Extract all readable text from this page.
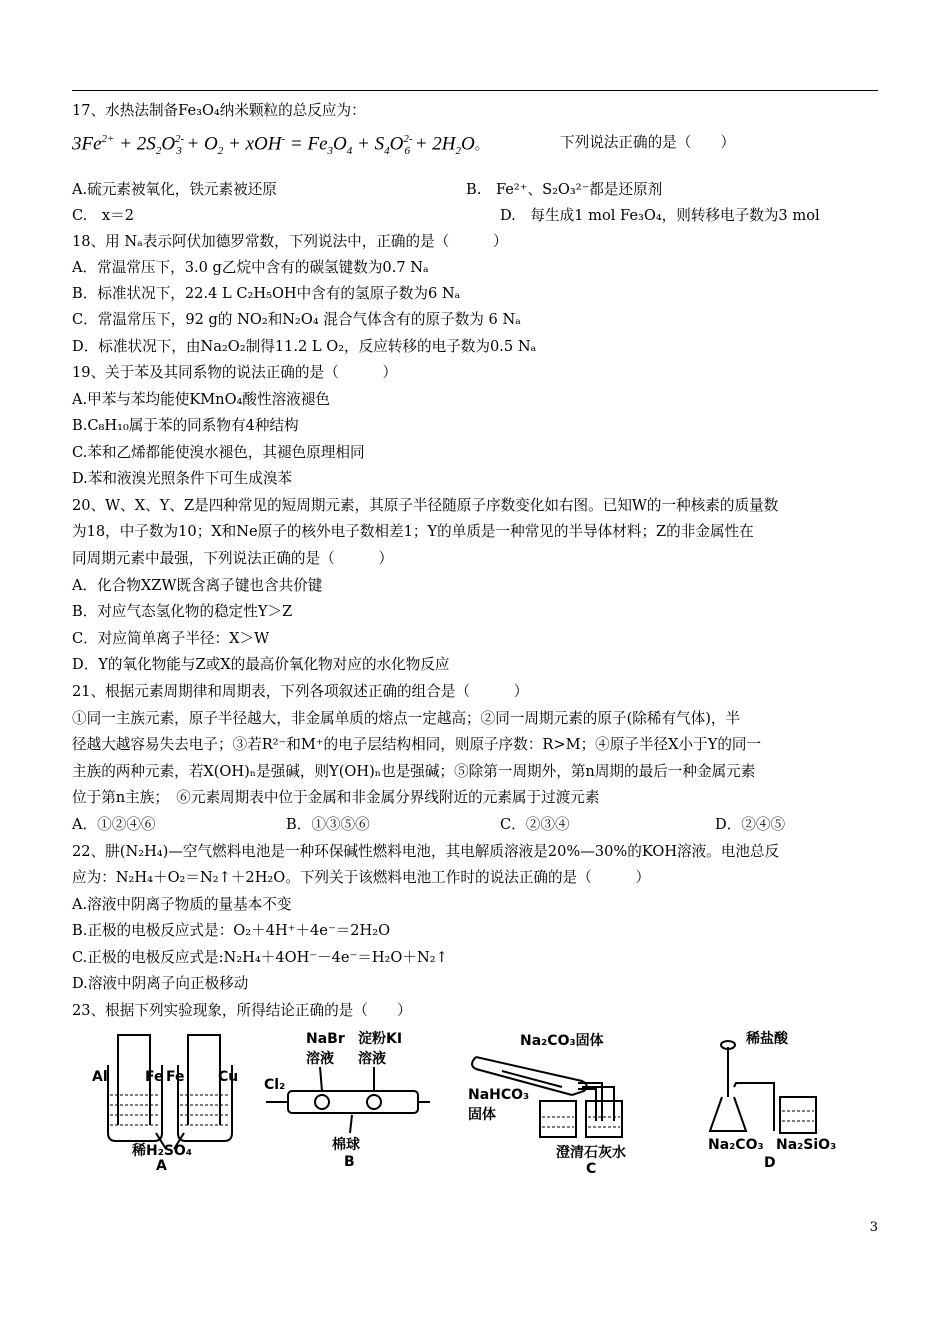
17、水热法制备Fe₃O₄纳米颗粒的总反应为：
$3Fe^{2+} + 2S_2O^{2-}_3 + O_2 + xOH^- = Fe_3O_4 + S_4O^{2-}_6 + 2H_2O$。	下列说法正确的是（　　）
A.硫元素被氧化，铁元素被还原	B.　Fe²⁺、S₂O₃²⁻都是还原剂
C.　x＝2	D.　每生成1 mol Fe₃O₄，则转移电子数为3 mol
18、用 Nₐ表示阿伏加德罗常数，下列说法中，正确的是（　　　）
A．常温常压下，3.0 g乙烷中含有的碳氢键数为0.7 Nₐ
B．标准状况下，22.4 L C₂H₅OH中含有的氢原子数为6 Nₐ
C．常温常压下，92 g的 NO₂和N₂O₄ 混合气体含有的原子数为 6 Nₐ
D．标准状况下，由Na₂O₂制得11.2 L O₂，反应转移的电子数为0.5 Nₐ
19、关于苯及其同系物的说法正确的是（　　　）
A.甲苯与苯均能使KMnO₄酸性溶液褪色
B.C₈H₁₀属于苯的同系物有4种结构
C.苯和乙烯都能使溴水褪色，其褪色原理相同
D.苯和液溴光照条件下可生成溴苯
20、W、X、Y、Z是四种常见的短周期元素，其原子半径随原子序数变化如右图。已知W的一种核素的质量数
为18，中子数为10；X和Ne原子的核外电子数相差1；Y的单质是一种常见的半导体材料；Z的非金属性在
同周期元素中最强，下列说法正确的是（　　　）
A．化合物XZW既含离子键也含共价键
B．对应气态氢化物的稳定性Y＞Z
C．对应简单离子半径：X＞W
D．Y的氧化物能与Z或X的最高价氧化物对应的水化物反应
21、根据元素周期律和周期表，下列各项叙述正确的组合是（　　　）
①同一主族元素，原子半径越大，非金属单质的熔点一定越高；②同一周期元素的原子(除稀有气体)，半
径越大越容易失去电子；③若R²⁻和M⁺的电子层结构相同，则原子序数：R>M；④原子半径X小于Y的同一
主族的两种元素，若X(OH)ₙ是强碱，则Y(OH)ₙ也是强碱；⑤除第一周期外，第n周期的最后一种金属元素
位于第n主族；　⑥元素周期表中位于金属和非金属分界线附近的元素属于过渡元素
A．①②④⑥	B．①③⑤⑥	C．②③④	D．②④⑤
22、肼(N₂H₄)—空气燃料电池是一种环保碱性燃料电池，其电解质溶液是20%—30%的KOH溶液。电池总反
应为：N₂H₄＋O₂＝N₂↑＋2H₂O。下列关于该燃料电池工作时的说法正确的是（　　　）
A.溶液中阴离子物质的量基本不变
B.正极的电极反应式是：O₂＋4H⁺＋4e⁻＝2H₂O
C.正极的电极反应式是:N₂H₄＋4OH⁻－4e⁻＝H₂O＋N₂↑
D.溶液中阴离子向正极移动
23、根据下列实验现象，所得结论正确的是（　　）
Al	Fe Fe Cu
稀H₂SO₄
A
NaBr 淀粉KI
溶液 溶液
Cl₂
棉球
B
Na₂CO₃固体
NaHCO₃
固体
澄清石灰水
C
稀盐酸
Na₂CO₃ Na₂SiO₃
D
3
